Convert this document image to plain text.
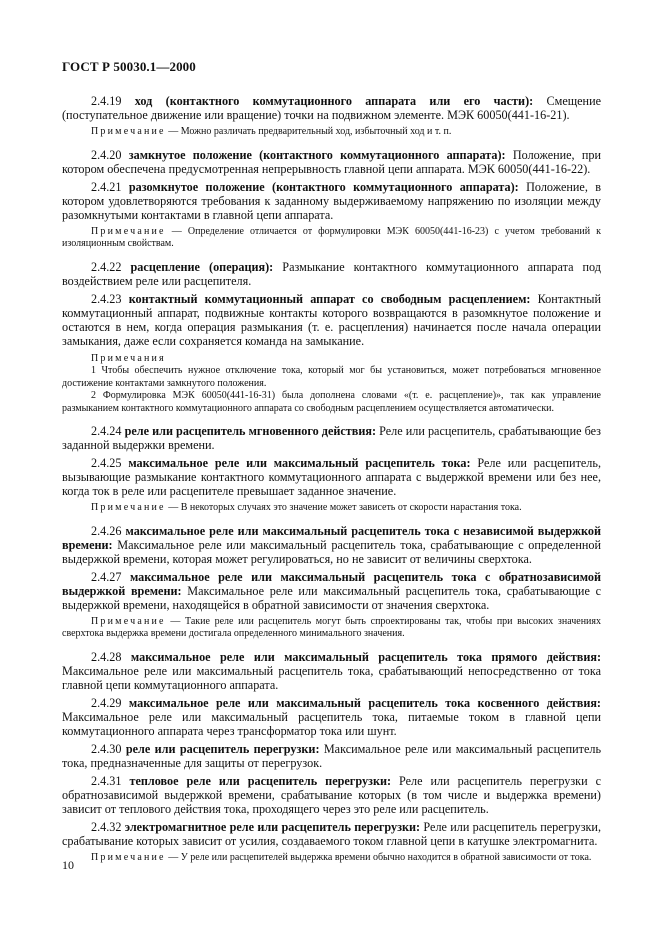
ГОСТ Р 50030.1—2000

2.4.19 ход (контактного коммутационного аппарата или его части): Смещение (поступательное движение или вращение) точки на подвижном элементе. МЭК 60050(441-16-21).

Примечание — Можно различать предварительный ход, избыточный ход и т. п.

2.4.20 замкнутое положение (контактного коммутационного аппарата): Положение, при котором обеспечена предусмотренная непрерывность главной цепи аппарата. МЭК 60050(441-16-22).

2.4.21 разомкнутое положение (контактного коммутационного аппарата): Положение, в котором удовлетворяются требования к заданному выдерживаемому напряжению по изоляции между разомкнутыми контактами в главной цепи аппарата.

Примечание — Определение отличается от формулировки МЭК 60050(441-16-23) с учетом требований к изоляционным свойствам.

2.4.22 расцепление (операция): Размыкание контактного коммутационного аппарата под воздействием реле или расцепителя.

2.4.23 контактный коммутационный аппарат со свободным расцеплением: Контактный коммутационный аппарат, подвижные контакты которого возвращаются в разомкнутое положение и остаются в нем, когда операция размыкания (т. е. расцепления) начинается после начала операции замыкания, даже если сохраняется команда на замыкание.

Примечания

1 Чтобы обеспечить нужное отключение тока, который мог бы установиться, может потребоваться мгновенное достижение контактами замкнутого положения.

2 Формулировка МЭК 60050(441-16-31) была дополнена словами «(т. е. расцепление)», так как управление размыканием контактного коммутационного аппарата со свободным расцеплением осуществляется автоматически.

2.4.24 реле или расцепитель мгновенного действия: Реле или расцепитель, срабатывающие без заданной выдержки времени.

2.4.25 максимальное реле или максимальный расцепитель тока: Реле или расцепитель, вызывающие размыкание контактного коммутационного аппарата с выдержкой времени или без нее, когда ток в реле или расцепителе превышает заданное значение.

Примечание — В некоторых случаях это значение может зависеть от скорости нарастания тока.

2.4.26 максимальное реле или максимальный расцепитель тока с независимой выдержкой времени: Максимальное реле или максимальный расцепитель тока, срабатывающие с определенной выдержкой времени, которая может регулироваться, но не зависит от величины сверхтока.

2.4.27 максимальное реле или максимальный расцепитель тока с обратнозависимой выдержкой времени: Максимальное реле или максимальный расцепитель тока, срабатывающие с выдержкой времени, находящейся в обратной зависимости от значения сверхтока.

Примечание — Такие реле или расцепитель могут быть спроектированы так, чтобы при высоких значениях сверхтока выдержка времени достигала определенного минимального значения.

2.4.28 максимальное реле или максимальный расцепитель тока прямого действия: Максимальное реле или максимальный расцепитель тока, срабатывающий непосредственно от тока главной цепи коммутационного аппарата.

2.4.29 максимальное реле или максимальный расцепитель тока косвенного действия: Максимальное реле или максимальный расцепитель тока, питаемые током в главной цепи коммутационного аппарата через трансформатор тока или шунт.

2.4.30 реле или расцепитель перегрузки: Максимальное реле или максимальный расцепитель тока, предназначенные для защиты от перегрузок.

2.4.31 тепловое реле или расцепитель перегрузки: Реле или расцепитель перегрузки с обратнозависимой выдержкой времени, срабатывание которых (в том числе и выдержка времени) зависит от теплового действия тока, проходящего через это реле или расцепитель.

2.4.32 электромагнитное реле или расцепитель перегрузки: Реле или расцепитель перегрузки, срабатывание которых зависит от усилия, создаваемого током главной цепи в катушке электромагнита.

Примечание — У реле или расцепителей выдержка времени обычно находится в обратной зависимости от тока.

10
